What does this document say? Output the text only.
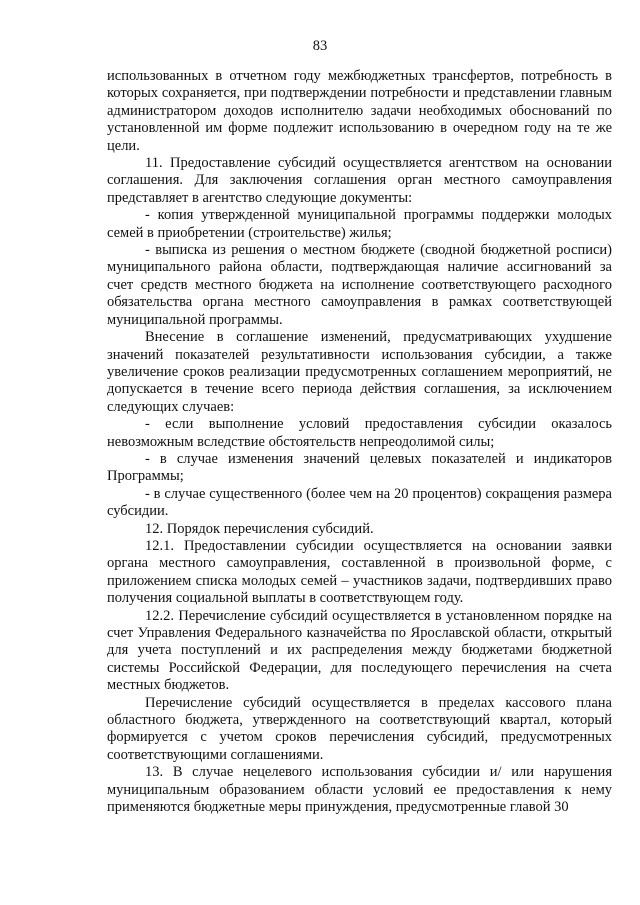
83

использованных в отчетном году межбюджетных трансфертов, потребность в которых сохраняется, при подтверждении потребности и представлении главным администратором доходов исполнителю задачи необходимых обоснований по установленной им форме подлежит использованию в очередном году на те же цели.

11. Предоставление субсидий осуществляется агентством на основании соглашения. Для заключения соглашения орган местного самоуправления представляет в агентство следующие документы:

- копия утвержденной муниципальной программы поддержки молодых семей в приобретении (строительстве) жилья;

- выписка из решения о местном бюджете (сводной бюджетной росписи) муниципального района области, подтверждающая наличие ассигнований за счет средств местного бюджета на исполнение соответствующего расходного обязательства органа местного самоуправления в рамках соответствующей муниципальной программы.

Внесение в соглашение изменений, предусматривающих ухудшение значений показателей результативности использования субсидии, а также увеличение сроков реализации предусмотренных соглашением мероприятий, не допускается в течение всего периода действия соглашения, за исключением следующих случаев:

- если выполнение условий предоставления субсидии оказалось невозможным вследствие обстоятельств непреодолимой силы;

- в случае изменения значений целевых показателей и индикаторов Программы;

- в случае существенного (более чем на 20 процентов) сокращения размера субсидии.

12. Порядок перечисления субсидий.

12.1. Предоставлении субсидии осуществляется на основании заявки органа местного самоуправления, составленной в произвольной форме, с приложением списка молодых семей – участников задачи, подтвердивших право получения социальной выплаты в соответствующем году.

12.2. Перечисление субсидий осуществляется в установленном порядке на счет Управления Федерального казначейства по Ярославской области, открытый для учета поступлений и их распределения между бюджетами бюджетной системы Российской Федерации, для последующего перечисления на счета местных бюджетов.

Перечисление субсидий осуществляется в пределах кассового плана областного бюджета, утвержденного на соответствующий квартал, который формируется с учетом сроков перечисления субсидий, предусмотренных соответствующими соглашениями.

13. В случае нецелевого использования субсидии и/ или нарушения муниципальным образованием области условий ее предоставления к нему применяются бюджетные меры принуждения, предусмотренные главой 30
